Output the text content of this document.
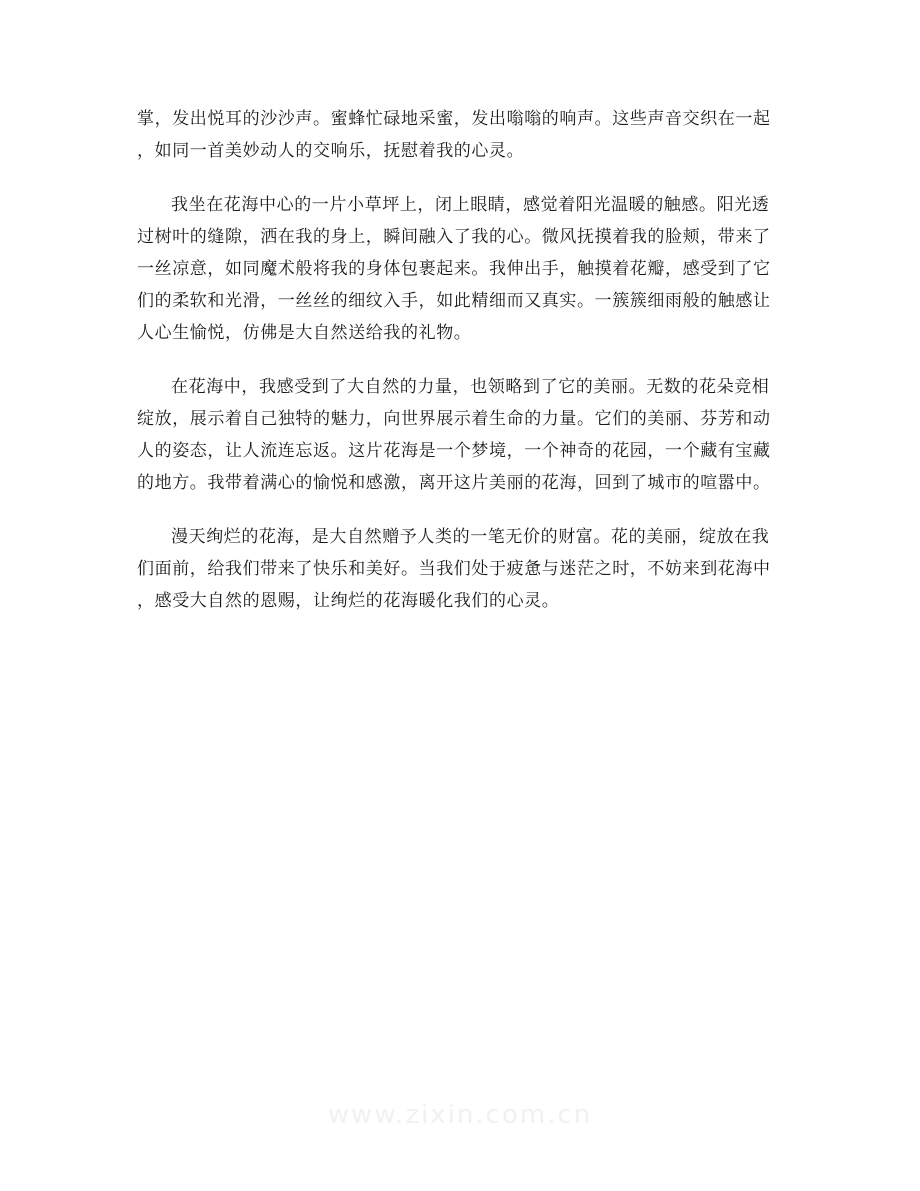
掌，发出悦耳的沙沙声。蜜蜂忙碌地采蜜，发出嗡嗡的响声。这些声音交织在一起
，如同一首美妙动人的交响乐，抚慰着我的心灵。

我坐在花海中心的一片小草坪上，闭上眼睛，感觉着阳光温暖的触感。阳光透
过树叶的缝隙，洒在我的身上，瞬间融入了我的心。微风抚摸着我的脸颊，带来了
一丝凉意，如同魔术般将我的身体包裹起来。我伸出手，触摸着花瓣，感受到了它
们的柔软和光滑，一丝丝的细纹入手，如此精细而又真实。一簇簇细雨般的触感让
人心生愉悦，仿佛是大自然送给我的礼物。

在花海中，我感受到了大自然的力量，也领略到了它的美丽。无数的花朵竞相
绽放，展示着自己独特的魅力，向世界展示着生命的力量。它们的美丽、芬芳和动
人的姿态，让人流连忘返。这片花海是一个梦境，一个神奇的花园，一个藏有宝藏
的地方。我带着满心的愉悦和感激，离开这片美丽的花海，回到了城市的喧嚣中。

漫天绚烂的花海，是大自然赠予人类的一笔无价的财富。花的美丽，绽放在我
们面前，给我们带来了快乐和美好。当我们处于疲惫与迷茫之时，不妨来到花海中
，感受大自然的恩赐，让绚烂的花海暖化我们的心灵。

www.zixin.com.cn
